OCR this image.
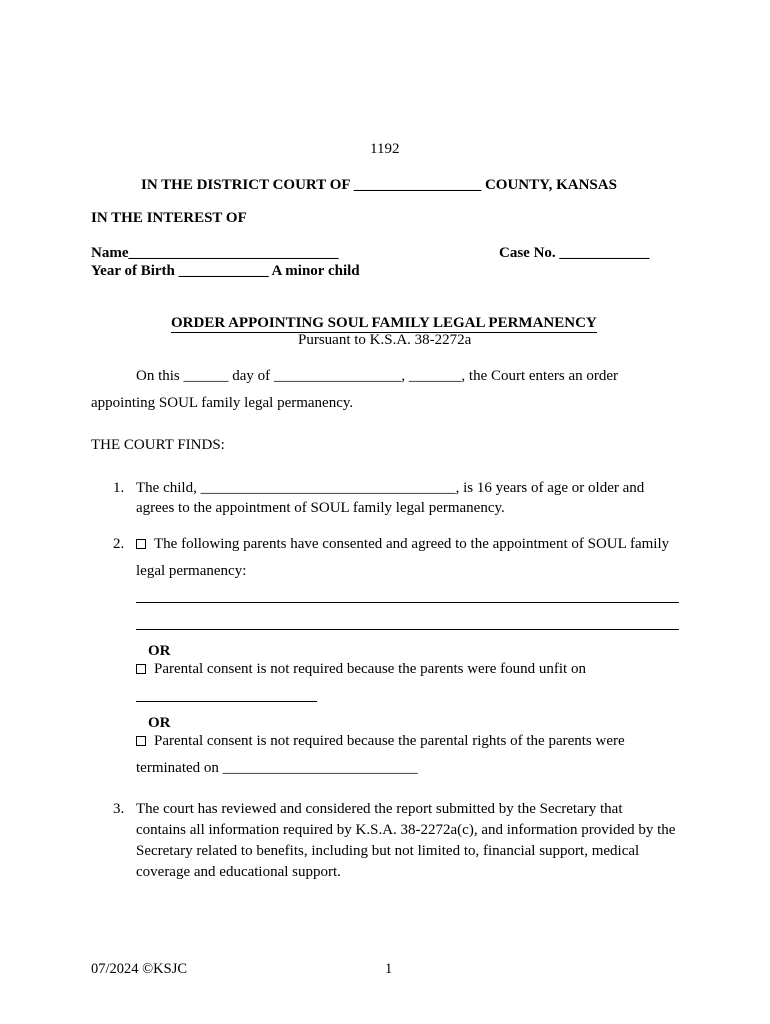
1192
IN THE DISTRICT COURT OF _________________ COUNTY, KANSAS
IN THE INTEREST OF
Name____________________________	Case No. ____________
Year of Birth ____________ A minor child
ORDER APPOINTING SOUL FAMILY LEGAL PERMANENCY
Pursuant to K.S.A. 38-2272a
On this ______ day of _________________, _______, the Court enters an order
appointing SOUL family legal permanency.
THE COURT FINDS:
1. The child, __________________________________, is 16 years of age or older and
agrees to the appointment of SOUL family legal permanency.
2.	The following parents have consented and agreed to the appointment of SOUL family
legal permanency:
OR
Parental consent is not required because the parents were found unfit on
OR
Parental consent is not required because the parental rights of the parents were
terminated on __________________________
3. The court has reviewed and considered the report submitted by the Secretary that
contains all information required by K.S.A. 38-2272a(c), and information provided by the
Secretary related to benefits, including but not limited to, financial support, medical
coverage and educational support.
07/2024 ©KSJC	1
